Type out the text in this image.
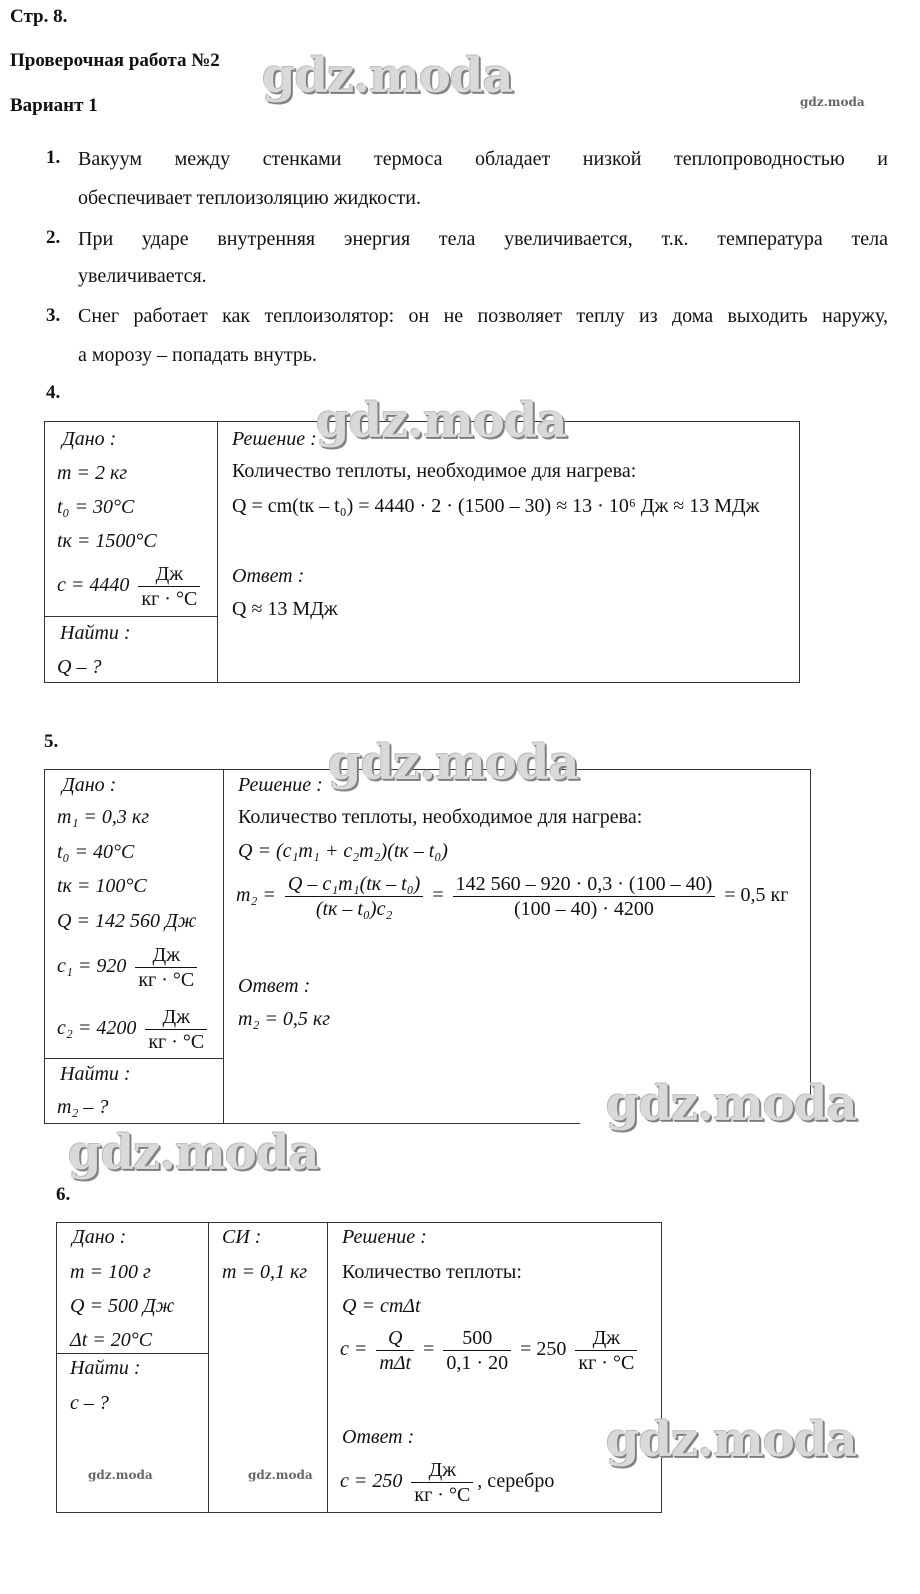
Стр. 8.
Проверочная работа №2
Вариант 1
1. Вакуум между стенками термоса обладает низкой теплопроводностью и
обеспечивает теплоизоляцию жидкости.
2. При ударе внутренняя энергия тела увеличивается, т.к. температура тела
увеличивается.
3. Снег работает как теплоизолятор: он не позволяет теплу из дома выходить наружу,
а морозу – попадать внутрь.
4.
Дано :
m = 2 кг
t₀ = 30°C
tк = 1500°C
$c = 4440 \frac{Дж}{кг \cdot ^\circ C}$
Найти :
Q – ?
Решение :
Количество теплоты, необходимое для нагрева:
Q = cm(tк – t₀) = 4440 · 2 · (1500 – 30) ≈ 13 · 10⁶ Дж ≈ 13 МДж
Ответ :
Q ≈ 13 МДж
5.
Дано :
m₁ = 0,3 кг
t₀ = 40°C
tк = 100°C
Q = 142 560 Дж
$c_1 = 920 \frac{Дж}{кг \cdot ^\circ C}$
$c_2 = 4200 \frac{Дж}{кг \cdot ^\circ C}$
Найти :
m₂ – ?
Решение :
Количество теплоты, необходимое для нагрева:
Q = (c₁m₁ + c₂m₂)(tк – t₀)
$m_2 = \frac{\text{Q – c₁m₁(tк – t₀)}}{\text{(tк – t₀)c₂}} = \frac{142 560 - 920 \cdot 0,3 \cdot (100 - 40)}{(100 - 40) \cdot 4200} = 0,5$ кг
Ответ :
m₂ = 0,5 кг
6.
Дано :
m = 100 г
Q = 500 Дж
Δt = 20°C
Найти :
c – ?
СИ :
m = 0,1 кг
Решение :
Количество теплоты:
Q = cmΔt
$c = \frac{Q}{\text{mΔt}} = \frac{500}{0,1 \cdot 20} = 250 \frac{Дж}{кг \cdot ^\circ C}$
Ответ :
$c = 250 \frac{Дж}{кг \cdot ^\circ C}$ , серебро
gdz.moda	gdz.moda
gdz.moda
gdz.moda
gdz.moda
gdz.moda
gdz.moda
gdz.moda	gdz.moda
